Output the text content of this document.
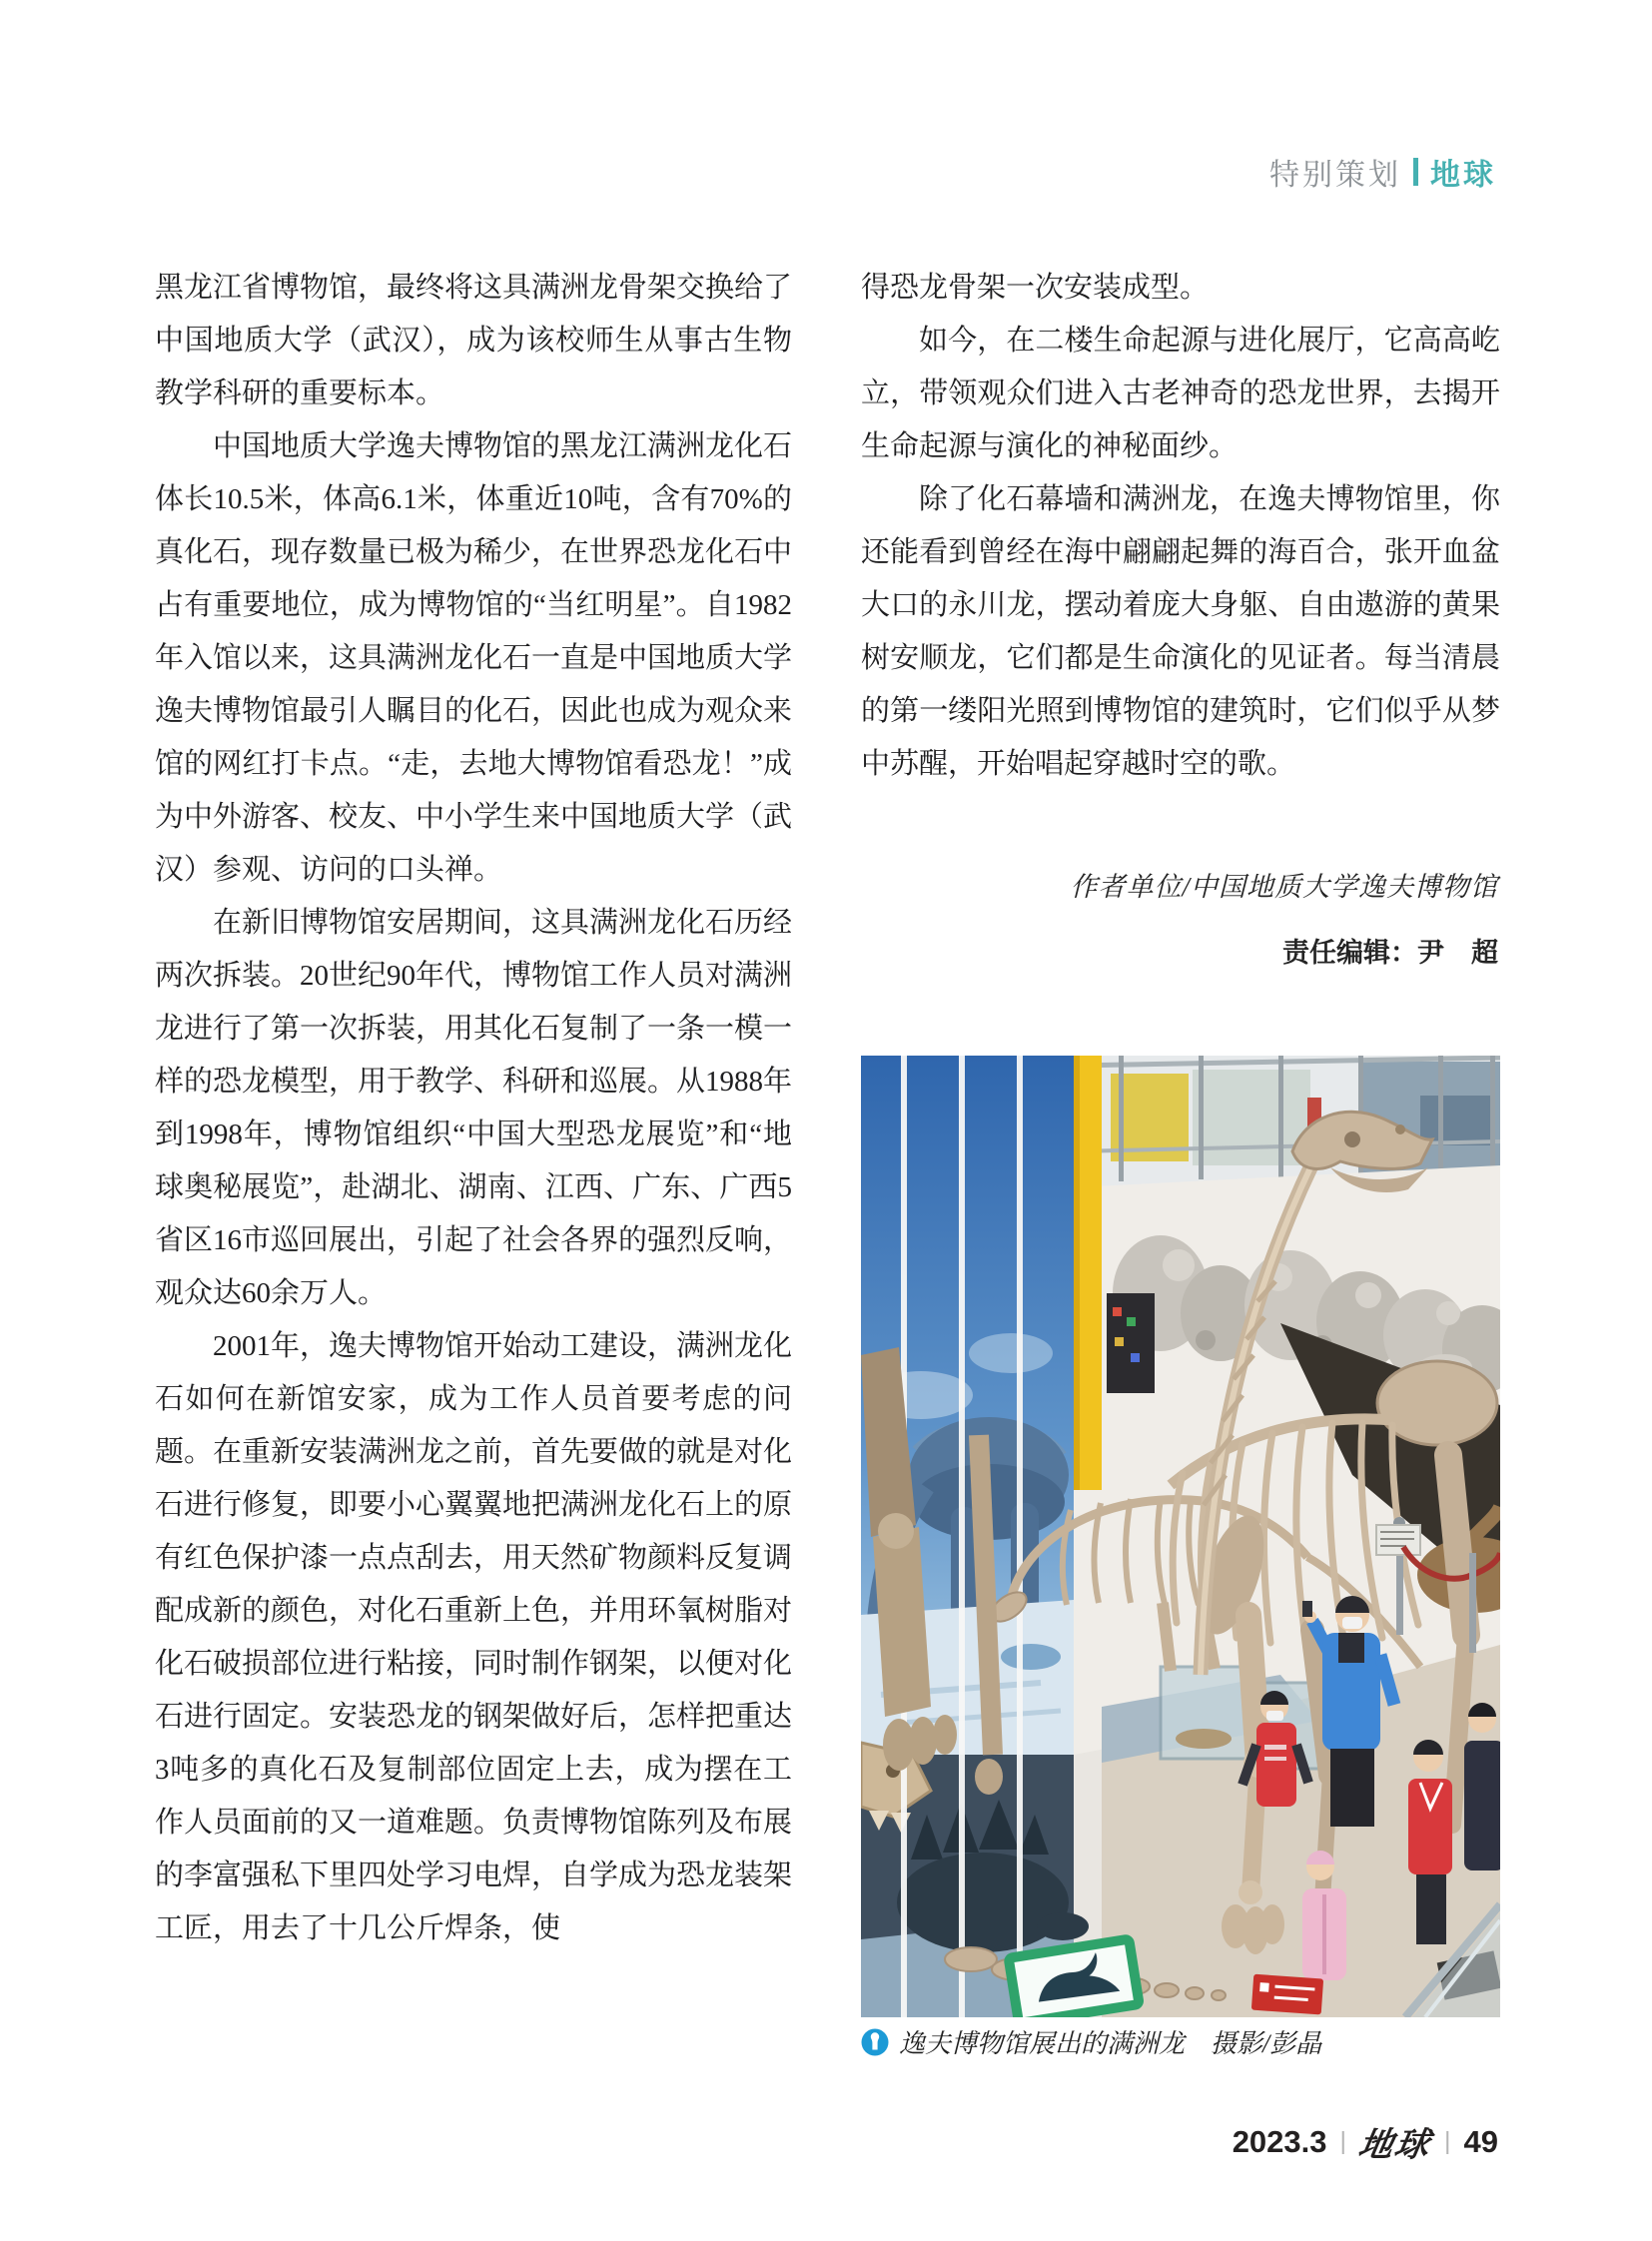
特别策划 地球

黑龙江省博物馆，最终将这具满洲龙骨架交换给了中国地质大学（武汉），成为该校师生从事古生物教学科研的重要标本。

中国地质大学逸夫博物馆的黑龙江满洲龙化石体长10.5米，体高6.1米，体重近10吨，含有70%的真化石，现存数量已极为稀少，在世界恐龙化石中占有重要地位，成为博物馆的“当红明星”。自1982年入馆以来，这具满洲龙化石一直是中国地质大学逸夫博物馆最引人瞩目的化石，因此也成为观众来馆的网红打卡点。“走，去地大博物馆看恐龙！”成为中外游客、校友、中小学生来中国地质大学（武汉）参观、访问的口头禅。

在新旧博物馆安居期间，这具满洲龙化石历经两次拆装。20世纪90年代，博物馆工作人员对满洲龙进行了第一次拆装，用其化石复制了一条一模一样的恐龙模型，用于教学、科研和巡展。从1988年到1998年，博物馆组织“中国大型恐龙展览”和“地球奥秘展览”，赴湖北、湖南、江西、广东、广西5省区16市巡回展出，引起了社会各界的强烈反响，观众达60余万人。

2001年，逸夫博物馆开始动工建设，满洲龙化石如何在新馆安家，成为工作人员首要考虑的问题。在重新安装满洲龙之前，首先要做的就是对化石进行修复，即要小心翼翼地把满洲龙化石上的原有红色保护漆一点点刮去，用天然矿物颜料反复调配成新的颜色，对化石重新上色，并用环氧树脂对化石破损部位进行粘接，同时制作钢架，以便对化石进行固定。安装恐龙的钢架做好后，怎样把重达3吨多的真化石及复制部位固定上去，成为摆在工作人员面前的又一道难题。负责博物馆陈列及布展的李富强私下里四处学习电焊，自学成为恐龙装架工匠，用去了十几公斤焊条，使

得恐龙骨架一次安装成型。

如今，在二楼生命起源与进化展厅，它高高屹立，带领观众们进入古老神奇的恐龙世界，去揭开生命起源与演化的神秘面纱。

除了化石幕墙和满洲龙，在逸夫博物馆里，你还能看到曾经在海中翩翩起舞的海百合，张开血盆大口的永川龙，摆动着庞大身躯、自由遨游的黄果树安顺龙，它们都是生命演化的见证者。每当清晨的第一缕阳光照到博物馆的建筑时，它们似乎从梦中苏醒，开始唱起穿越时空的歌。

作者单位/中国地质大学逸夫博物馆
责任编辑：尹　超
逸夫博物馆展出的满洲龙　摄影/彭晶
2023.3 | 地球 | 49
